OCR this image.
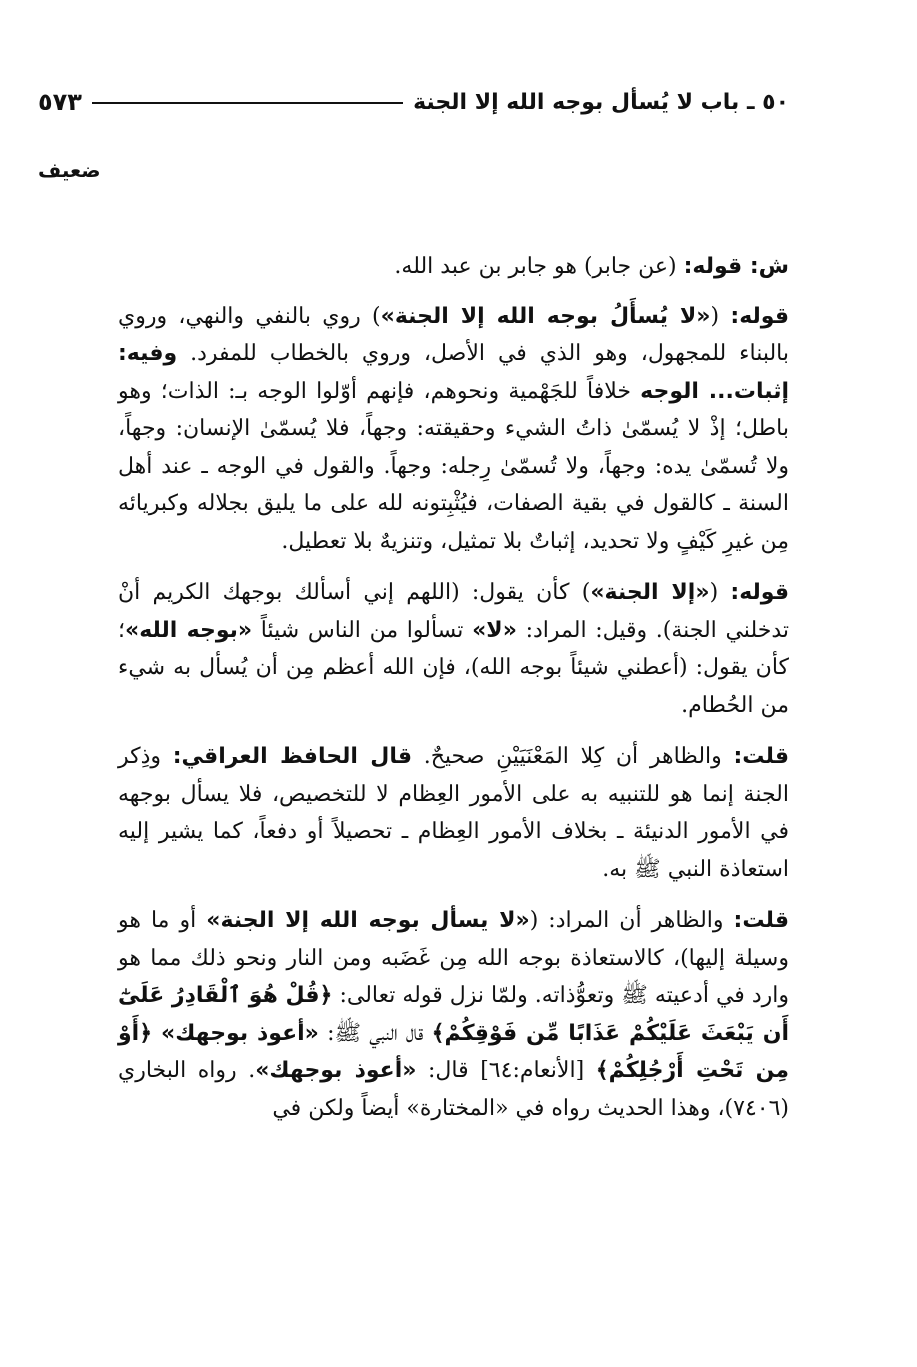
٥٠ ـ باب لا يُسأل بوجه الله إلا الجنة
٥٧٣
ضعيف

ش: قوله: (عن جابر) هو جابر بن عبد الله.

قوله: («لا يُسأَلُ بوجه الله إلا الجنة») روي بالنفي والنهي، وروي بالبناء للمجهول، وهو الذي في الأصل، وروي بالخطاب للمفرد. وفيه: إثبات... الوجه خلافاً للجَهْمية ونحوهم، فإنهم أوّلوا الوجه بـ: الذات؛ وهو باطل؛ إذْ لا يُسمّىٰ ذاتُ الشيء وحقيقته: وجهاً، فلا يُسمّىٰ الإنسان: وجهاً، ولا تُسمّىٰ يده: وجهاً، ولا تُسمّىٰ رِجله: وجهاً. والقول في الوجه ـ عند أهل السنة ـ كالقول في بقية الصفات، فيُثْبِتونه لله على ما يليق بجلاله وكبريائه مِن غيرِ كَيْفٍ ولا تحديد، إثباتٌ بلا تمثيل، وتنزيهٌ بلا تعطيل.

قوله: («إلا الجنة») كأن يقول: (اللهم إني أسألك بوجهك الكريم أنْ تدخلني الجنة). وقيل: المراد: «لا» تسألوا من الناس شيئاً «بوجه الله»؛ كأن يقول: (أعطني شيئاً بوجه الله)، فإن الله أعظم مِن أن يُسأل به شيء من الحُطام.

قلت: والظاهر أن كِلا المَعْنَيَيْنِ صحيحٌ. قال الحافظ العراقي: وذِكر الجنة إنما هو للتنبيه به على الأمور العِظام لا للتخصيص، فلا يسأل بوجهه في الأمور الدنيئة ـ بخلاف الأمور العِظام ـ تحصيلاً أو دفعاً، كما يشير إليه استعاذة النبي ﷺ به.

قلت: والظاهر أن المراد: («لا يسأل بوجه الله إلا الجنة» أو ما هو وسيلة إليها)، كالاستعاذة بوجه الله مِن غَضَبه ومن النار ونحو ذلك مما هو وارد في أدعيته ﷺ وتعوُّذاته. ولمّا نزل قوله تعالى: ﴿قُلْ هُوَ ٱلْقَادِرُ عَلَىٰٓ أَن يَبْعَثَ عَلَيْكُمْ عَذَابًا مِّن فَوْقِكُمْ﴾ قال النبي ﷺ: «أعوذ بوجهك» ﴿أَوْ مِن تَحْتِ أَرْجُلِكُمْ﴾ [الأنعام:٦٤] قال: «أعوذ بوجهك». رواه البخاري (٧٤٠٦)، وهذا الحديث رواه في «المختارة» أيضاً ولكن في
